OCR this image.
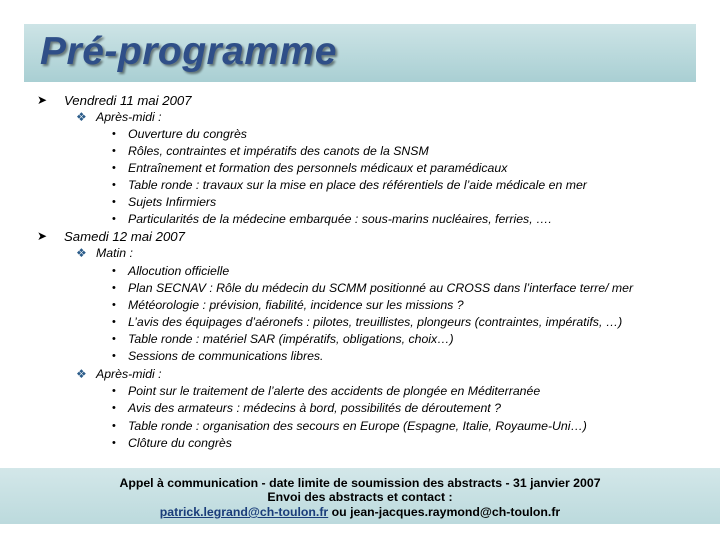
Pré-programme
➤ Vendredi 11 mai 2007
❖ Après-midi :
• Ouverture du congrès
• Rôles, contraintes et impératifs des canots de la SNSM
• Entraînement et formation des personnels médicaux et paramédicaux
• Table ronde : travaux sur la mise en place des référentiels de l’aide médicale en mer
• Sujets Infirmiers
• Particularités de la médecine embarquée : sous-marins nucléaires, ferries, ….
➤ Samedi 12 mai 2007
❖ Matin :
• Allocution officielle
• Plan SECNAV : Rôle du médecin du SCMM positionné au CROSS dans l’interface terre/ mer
• Météorologie : prévision, fiabilité, incidence sur les missions ?
• L’avis des équipages d’aéronefs : pilotes, treuillistes, plongeurs (contraintes, impératifs, …)
• Table ronde : matériel SAR (impératifs, obligations, choix…)
• Sessions de communications libres.
❖ Après-midi :
• Point sur le traitement de l’alerte des accidents de plongée en Méditerranée
• Avis des armateurs : médecins à bord, possibilités de déroutement ?
• Table ronde : organisation des secours en Europe (Espagne, Italie, Royaume-Uni…)
• Clôture du congrès
Appel à communication - date limite de soumission des abstracts - 31 janvier 2007
Envoi des abstracts et contact :
patrick.legrand@ch-toulon.fr ou jean-jacques.raymond@ch-toulon.fr
